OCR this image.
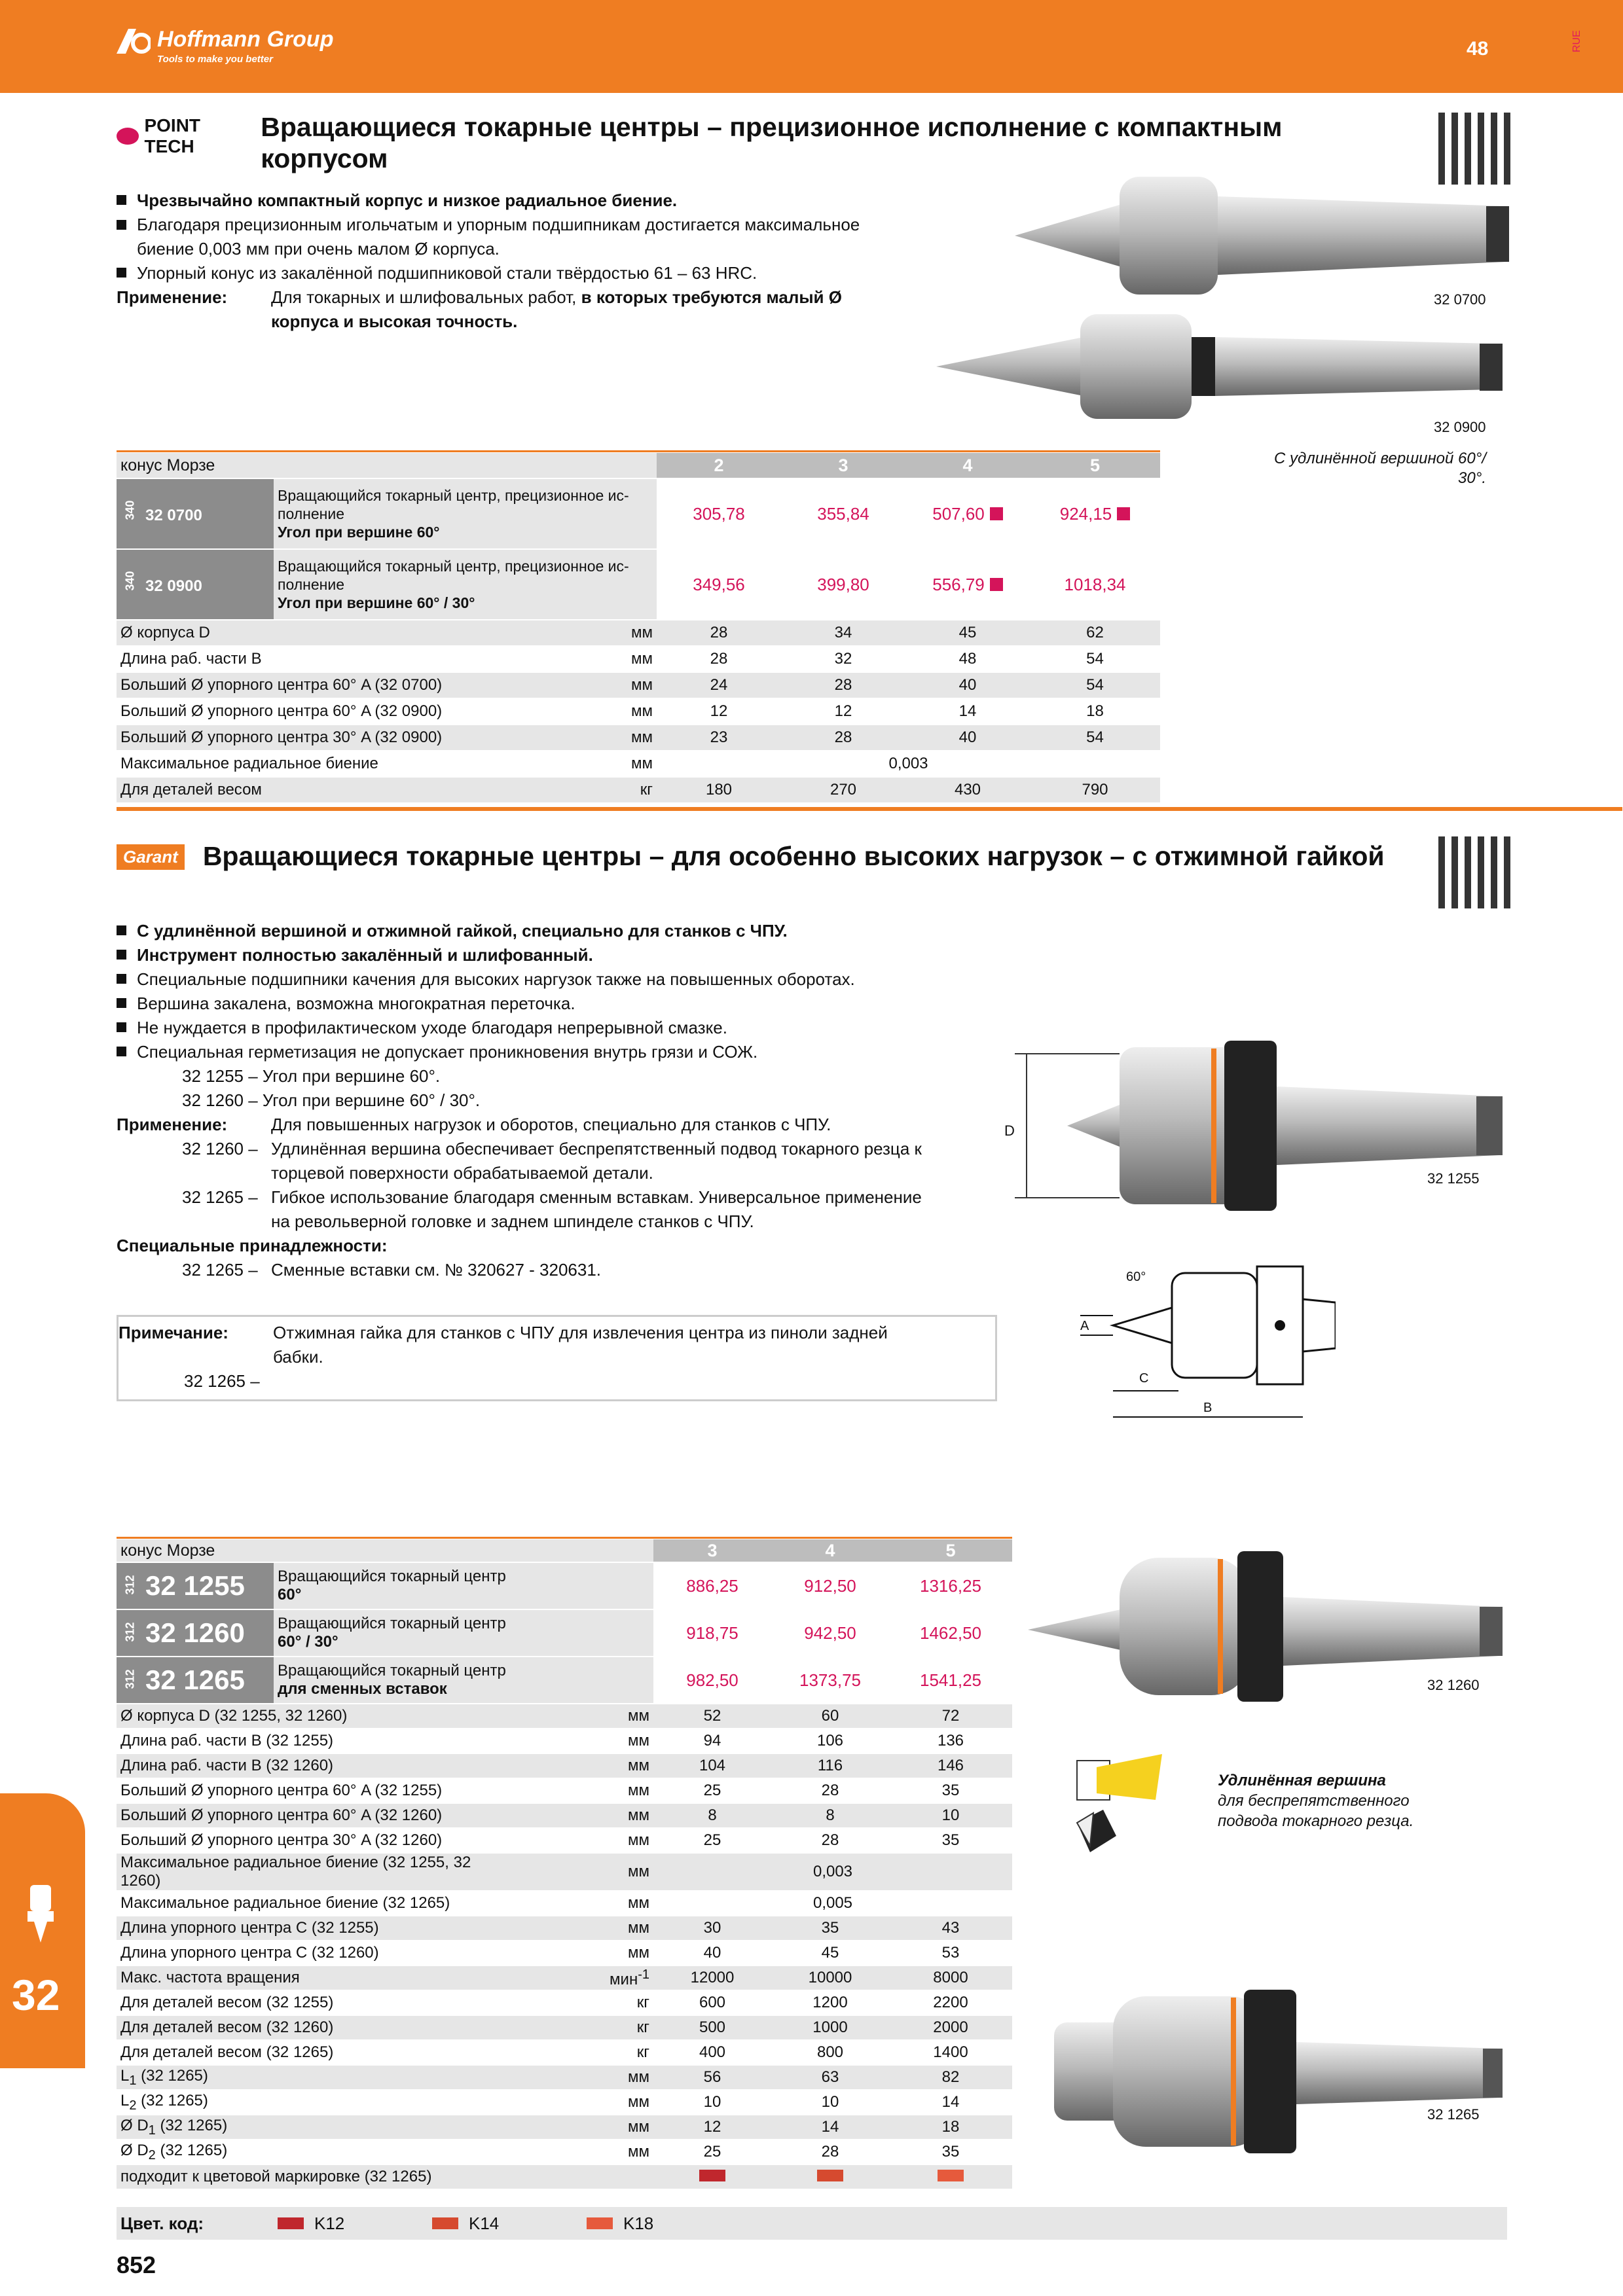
Hoffmann Group
Tools to make you better	48	RUE
POINT TECH
Вращающиеся токарные центры – прецизионное исполнение с компактным корпусом
Чрезвычайно компактный корпус и низкое радиальное биение.
Благодаря прецизионным игольчатым и упорным подшипникам достигается максимальное биение 0,003 мм при очень малом Ø корпуса.
Упорный конус из закалённой подшипниковой стали твёрдостью 61 – 63 HRC.
Применение:	Для токарных и шлифовальных работ, в которых требуются малый Ø корпуса и высокая точность.
32 0700
32 0900
С удлинённой вершиной 60°/ 30°.
конус Морзе			2	3	4	5
340 32 0700	Вращающийся токарный центр, прецизионное ис-
полнение
Угол при вершине 60°		305,78	355,84	507,60	924,15
340 32 0900	Вращающийся токарный центр, прецизионное ис-
полнение
Угол при вершине 60° / 30°		349,56	399,80	556,79	1018,34
Ø корпуса D		мм	28	34	45	62
Длина раб. части B		мм	28	32	48	54
Больший Ø упорного центра 60° A (32 0700)		мм	24	28	40	54
Больший Ø упорного центра 60° A (32 0900)		мм	12	12	14	18
Больший Ø упорного центра 30° A (32 0900)		мм	23	28	40	54
Максимальное радиальное биение		мм	0,003			
Для деталей весом		кг	180	270	430	790
Garant Вращающиеся токарные центры – для особенно высоких нагрузок – с отжимной гайкой
С удлинённой вершиной и отжимной гайкой, специально для станков с ЧПУ.
Инструмент полностью закалённый и шлифованный.
Специальные подшипники качения для высоких наргузок также на повышенных оборотах.
Вершина закалена, возможна многократная переточка.
Не нуждается в профилактическом уходе благодаря непрерывной смазке.
Специальная герметизация не допускает проникновения внутрь грязи и СОЖ.
32 1255 – Угол при вершине 60°.
32 1260 – Угол при вершине 60° / 30°.
Применение:	Для повышенных нагрузок и оборотов, специально для станков с ЧПУ.
32 1260 – Удлинённая вершина обеспечивает беспрепятственный подвод токарного резца к
торцевой поверхности обрабатываемой детали.
32 1265 – Гибкое использование благодаря сменным вставкам. Универсальное применение
на револьверной головке и заднем шпинделе станков с ЧПУ.
Специальные принадлежности:
32 1265 – Сменные вставки см. № 320627 - 320631.
Примечание:	Отжимная гайка для станков с ЧПУ для извлечения центра из пиноли задней
бабки.
32 1265 –
D
32 1255
60°
A
C
B
32 1260
Удлинённая вершина
для беспрепятственного
подвода токарного резца.
32 1265
конус Морзе			3	4	5
312 32 1255	Вращающийся токарный центр
60°		886,25	912,50	1316,25
312 32 1260	Вращающийся токарный центр
60° / 30°		918,75	942,50	1462,50
312 32 1265	Вращающийся токарный центр
для сменных вставок		982,50	1373,75	1541,25
Ø корпуса D (32 1255, 32 1260)		мм	52	60	72
Длина раб. части B (32 1255)		мм	94	106	136
Длина раб. части B (32 1260)		мм	104	116	146
Больший Ø упорного центра 60° A (32 1255)		мм	25	28	35
Больший Ø упорного центра 60° A (32 1260)		мм	8	8	10
Больший Ø упорного центра 30° A (32 1260)		мм	25	28	35
Максимальное радиальное биение (32 1255, 32 1260)		мм	0,003		
Максимальное радиальное биение (32 1265)		мм	0,005		
Длина упорного центра C (32 1255)		мм	30	35	43
Длина упорного центра C (32 1260)		мм	40	45	53
Макс. частота вращения		мин$^{-1}$	12000	10000	8000
Для деталей весом (32 1255)		кг	600	1200	2200
Для деталей весом (32 1260)		кг	500	1000	2000
Для деталей весом (32 1265)		кг	400	800	1400
$L_1$ (32 1265)		мм	56	63	82
$L_2$ (32 1265)		мм	10	10	14
Ø $D_1$ (32 1265)		мм	12	14	18
Ø $D_2$ (32 1265)		мм	25	28	35
подходит к цветовой маркировке (32 1265)					
Цвет. код:	K12	K14	K18
852
32
